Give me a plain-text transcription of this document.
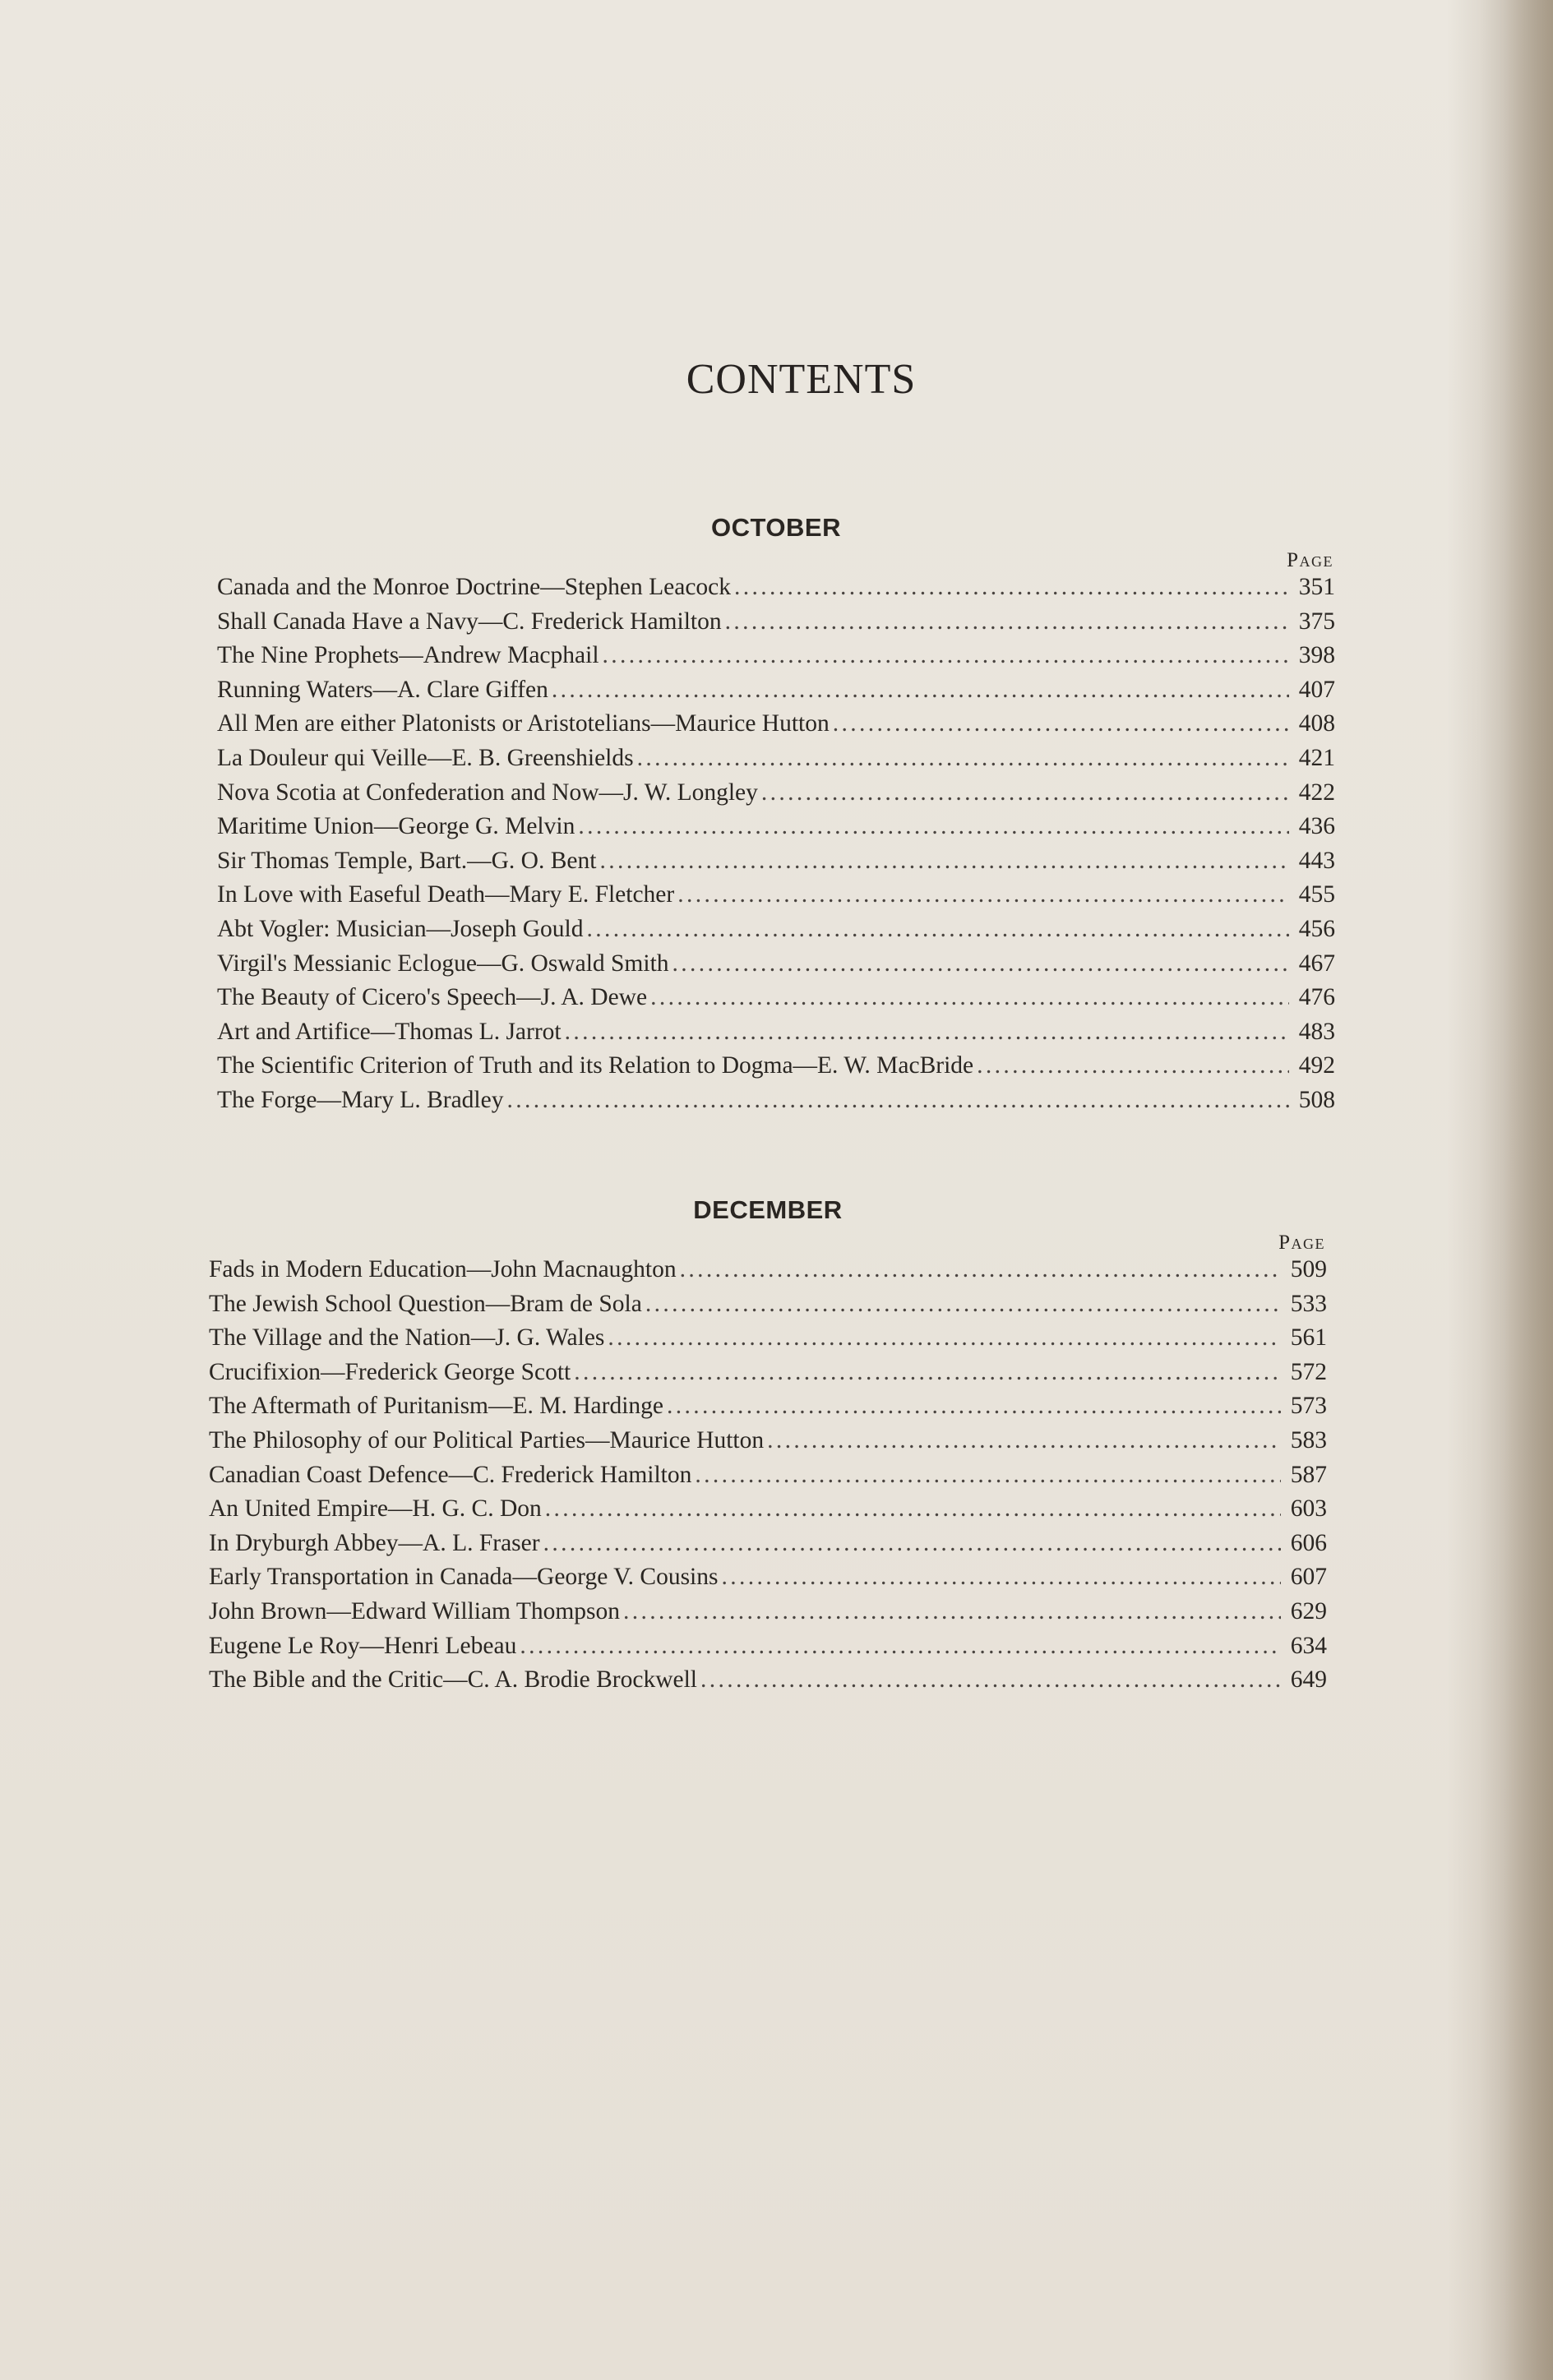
CONTENTS
OCTOBER
Page
Canada and the Monroe Doctrine—Stephen Leacock . . .	351
Shall Canada Have a Navy—C. Frederick Hamilton . . .	375
The Nine Prophets—Andrew Macphail . . .	398
Running Waters—A. Clare Giffen . . .	407
All Men are either Platonists or Aristotelians—Maurice Hutton . . .	408
La Douleur qui Veille—E. B. Greenshields . . .	421
Nova Scotia at Confederation and Now—J. W. Longley . . .	422
Maritime Union—George G. Melvin . . .	436
Sir Thomas Temple, Bart.—G. O. Bent . . .	443
In Love with Easeful Death—Mary E. Fletcher . . .	455
Abt Vogler: Musician—Joseph Gould . . .	456
Virgil's Messianic Eclogue—G. Oswald Smith . . .	467
The Beauty of Cicero's Speech—J. A. Dewe . . .	476
Art and Artifice—Thomas L. Jarrot . . .	483
The Scientific Criterion of Truth and its Relation to Dogma—E. W. MacBride . . .	492
The Forge—Mary L. Bradley . . .	508
DECEMBER
Page
Fads in Modern Education—John Macnaughton . . .	509
The Jewish School Question—Bram de Sola . . .	533
The Village and the Nation—J. G. Wales . . .	561
Crucifixion—Frederick George Scott . . .	572
The Aftermath of Puritanism—E. M. Hardinge . . .	573
The Philosophy of our Political Parties—Maurice Hutton . . .	583
Canadian Coast Defence—C. Frederick Hamilton . . .	587
An United Empire—H. G. C. Don . . .	603
In Dryburgh Abbey—A. L. Fraser . . .	606
Early Transportation in Canada—George V. Cousins . . .	607
John Brown—Edward William Thompson . . .	629
Eugene Le Roy—Henri Lebeau . . .	634
The Bible and the Critic—C. A. Brodie Brockwell . . .	649
